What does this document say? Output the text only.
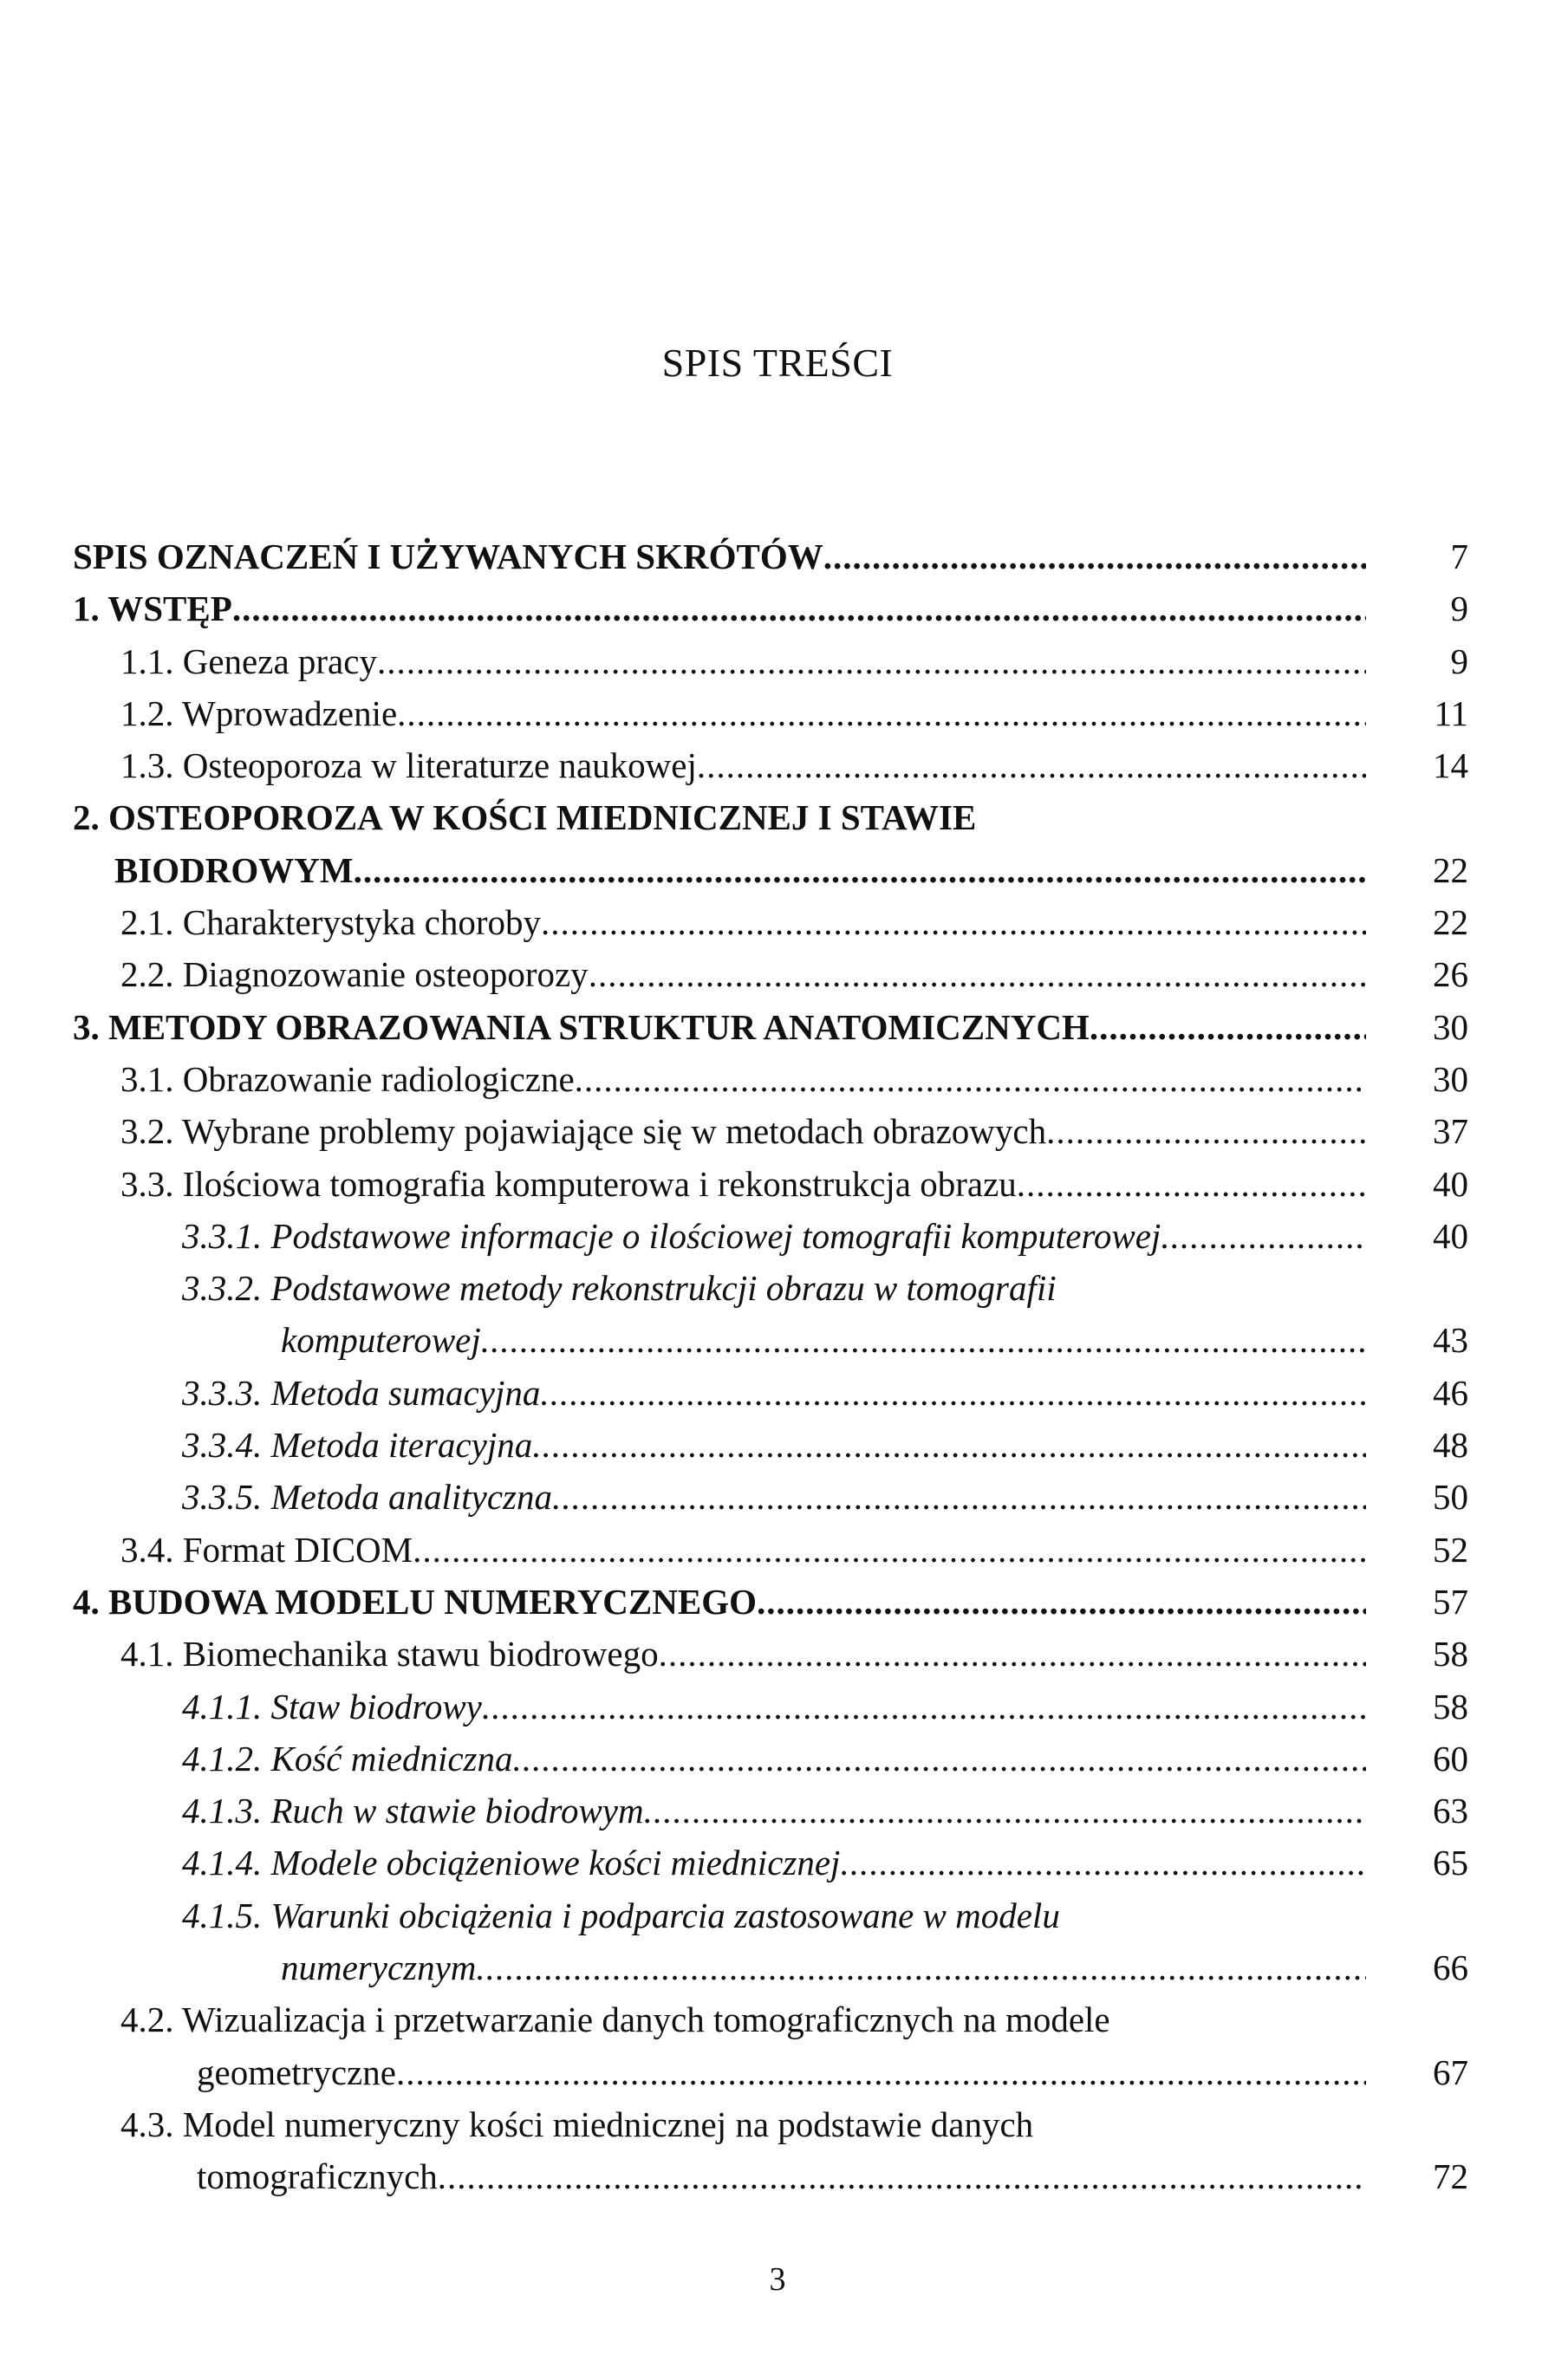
SPIS TREŚCI
SPIS OZNACZEŃ I UŻYWANYCH SKRÓTÓW .....	7
1. WSTĘP .....	9
1.1. Geneza pracy .....	9
1.2. Wprowadzenie .....	11
1.3. Osteoporoza w literaturze naukowej .....	14
2. OSTEOPOROZA W KOŚCI MIEDNICZNEJ I STAWIE
BIODROWYM .....	22
2.1. Charakterystyka choroby .....	22
2.2. Diagnozowanie osteoporozy .....	26
3. METODY OBRAZOWANIA STRUKTUR ANATOMICZNYCH .....	30
3.1. Obrazowanie radiologiczne .....	30
3.2. Wybrane problemy pojawiające się w metodach obrazowych .....	37
3.3. Ilościowa tomografia komputerowa i rekonstrukcja obrazu .....	40
3.3.1. Podstawowe informacje o ilościowej tomografii komputerowej .....	40
3.3.2. Podstawowe metody rekonstrukcji obrazu w tomografii
komputerowej .....	43
3.3.3. Metoda sumacyjna .....	46
3.3.4. Metoda iteracyjna .....	48
3.3.5. Metoda analityczna .....	50
3.4. Format DICOM .....	52
4. BUDOWA MODELU NUMERYCZNEGO .....	57
4.1. Biomechanika stawu biodrowego .....	58
4.1.1. Staw biodrowy .....	58
4.1.2. Kość miedniczna .....	60
4.1.3. Ruch w stawie biodrowym .....	63
4.1.4. Modele obciążeniowe kości miednicznej .....	65
4.1.5. Warunki obciążenia i podparcia zastosowane w modelu
numerycznym .....	66
4.2. Wizualizacja i przetwarzanie danych tomograficznych na modele
geometryczne .....	67
4.3. Model numeryczny kości miednicznej na podstawie danych
tomograficznych .....	72
3
